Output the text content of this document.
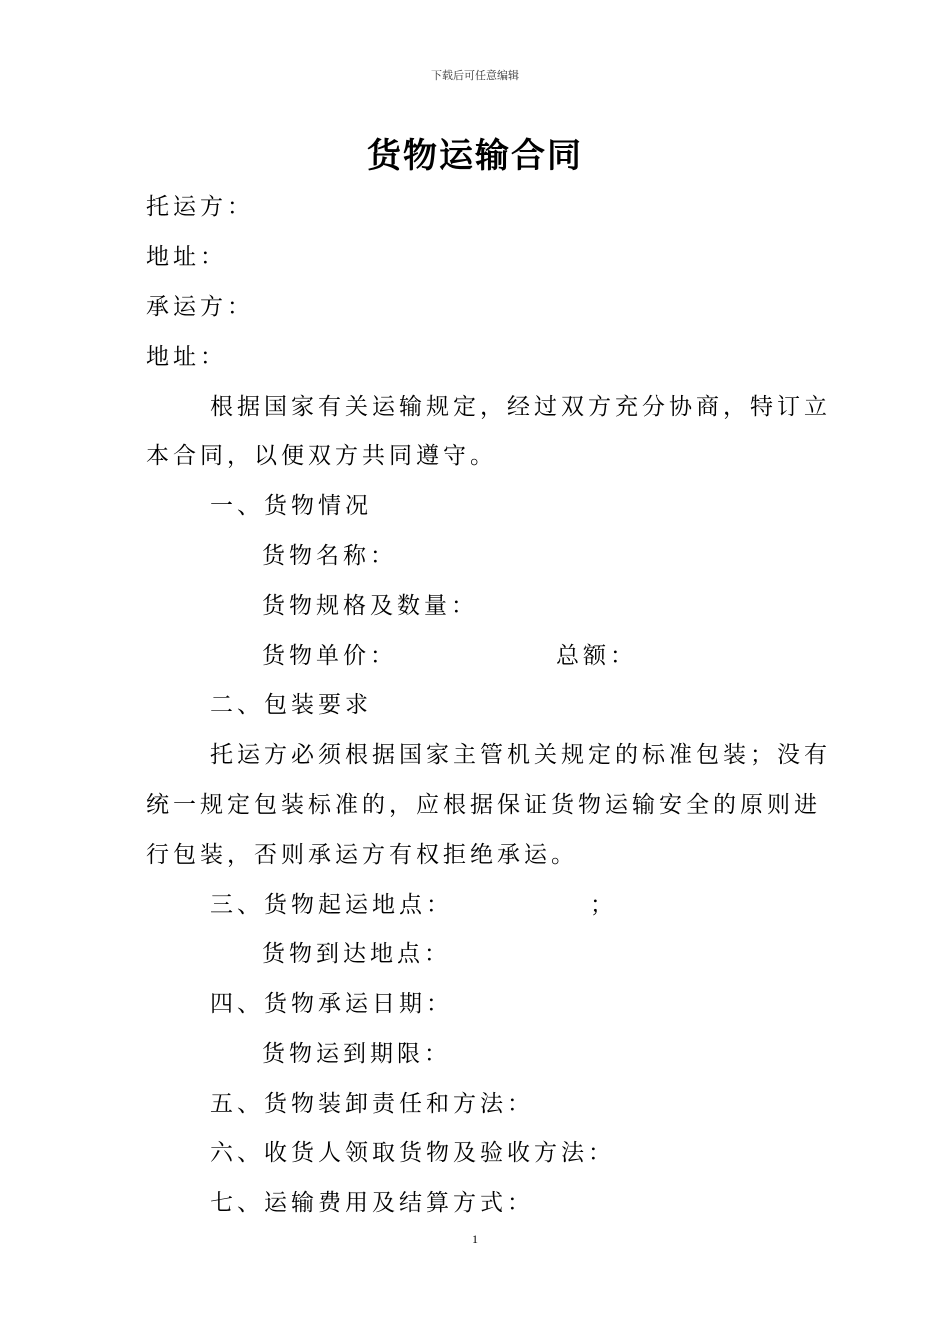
下载后可任意编辑
货物运输合同
托运方：
地址：
承运方：
地址：
根据国家有关运输规定，经过双方充分协商，特订立
本合同，以便双方共同遵守。
一、货物情况
货物名称：
货物规格及数量：
货物单价：	总额：
二、包装要求
托运方必须根据国家主管机关规定的标准包装；没有
统一规定包装标准的，应根据保证货物运输安全的原则进
行包装，否则承运方有权拒绝承运。
三、货物起运地点：	；
货物到达地点：
四、货物承运日期：
货物运到期限：
五、货物装卸责任和方法：
六、收货人领取货物及验收方法：
七、运输费用及结算方式：
1
